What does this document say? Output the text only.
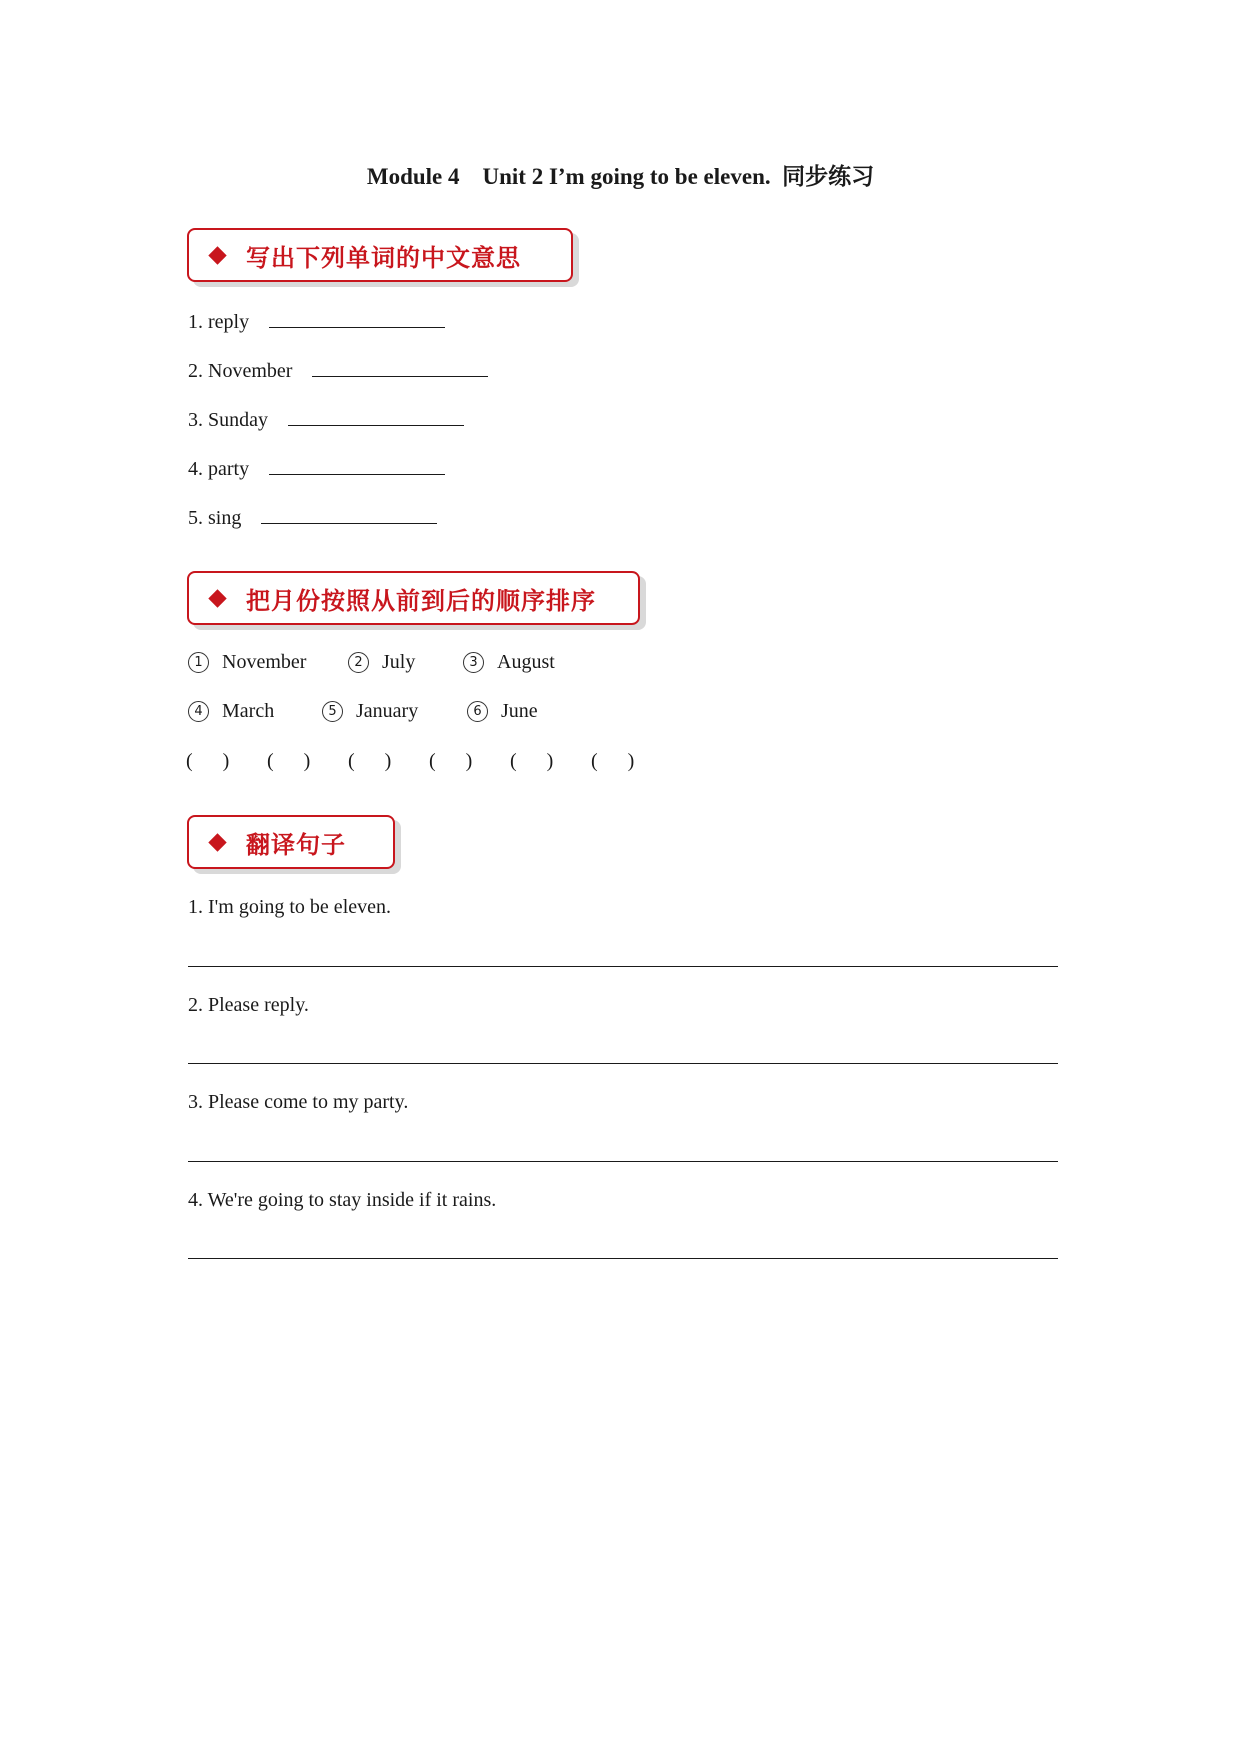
Module 4    Unit 2 I’m going to be eleven.  同步练习
写出下列单词的中文意思
1. reply
2. November
3. Sunday
4. party
5. sing
把月份按照从前到后的顺序排序
1 November	2 July	3 August
4 March	5 January	6 June
(      )	(      )	(      )	(      )	(      )	(      )
翻译句子
1. I'm going to be eleven.
2. Please reply.
3. Please come to my party.
4. We're going to stay inside if it rains.
